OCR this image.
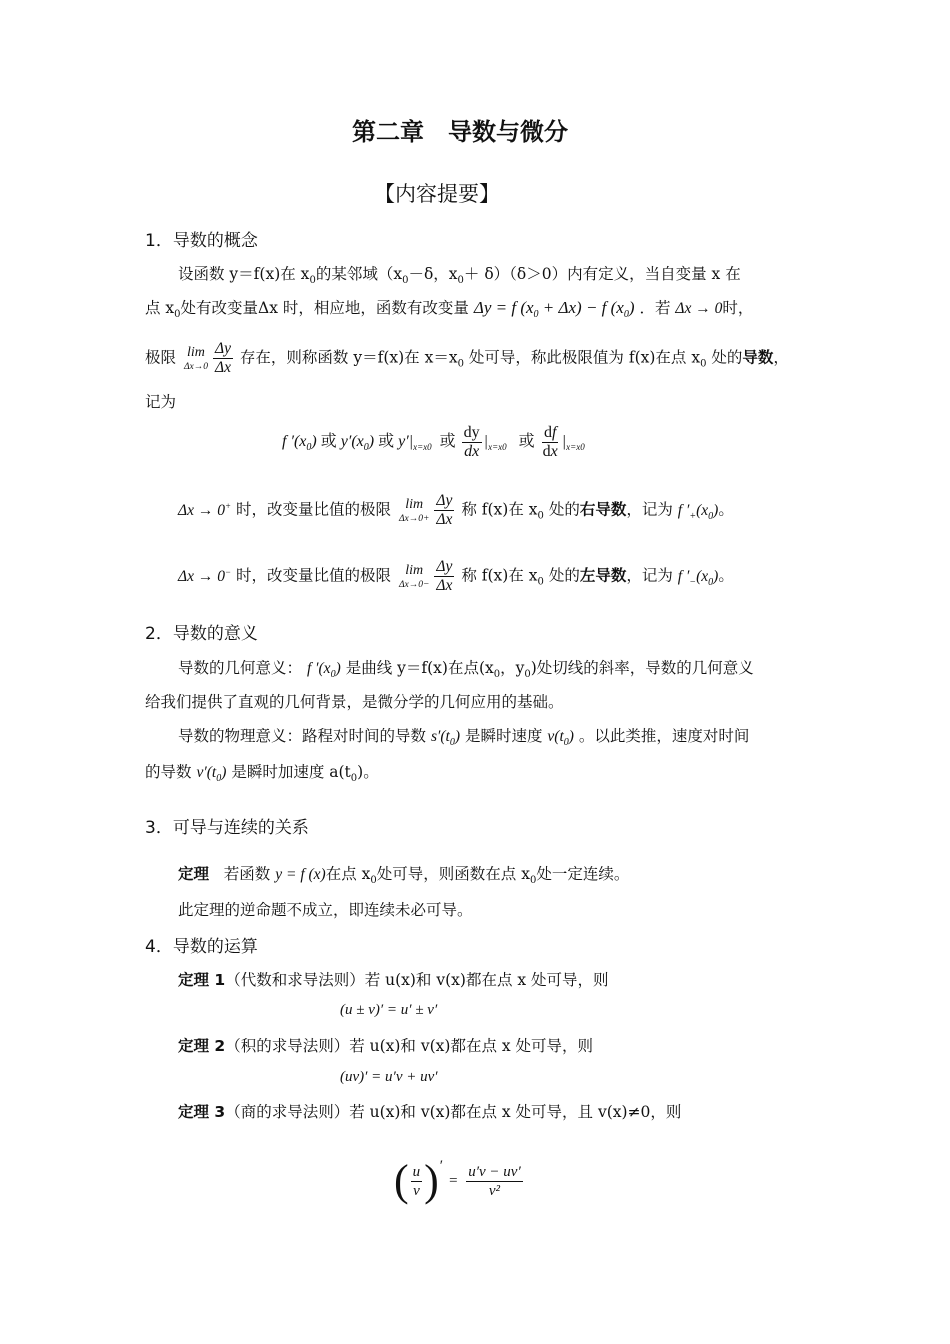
第二章　导数与微分
【内容提要】
1．导数的概念
设函数 y＝f(x)在 $x_0$的某邻域（$x_0-\delta$，$x_0+ \delta)(\delta>0)$内有定义，当自变量 x 在
点 $x_0$处有改变量Δx 时，相应地，函数有改变量 Δy = f $(x_0 + \Delta x) - f$ $(x_0)$ ．若 Δx → 0时，
极限 lim
$\Delta x\to 0 \frac{\Delta y}{\Delta x}$ 存在，则称函数 y＝f(x)在 $x=x_0$ 处可导，称此极限值为 f(x)在点 $x_0$ 处的导数，
记为
f $'(x_0)$ 或 $y'(x_0)$ 或 $y'|_{x=x0}$ 或 $\frac{dy}{dx} |_{x=x0}$ 或 $\frac{df}{dx} |_{x=x0}$
Δx → 0+ 时，改变量比值的极限 lim
$\Delta x\to 0+ \frac{\Delta y}{\Delta x}$ 称 f(x)在 $x_0$ 处的右导数，记为 f $'_+(x_0)$。
Δx → 0− 时，改变量比值的极限 lim
$\Delta x\to 0- \frac{\Delta y}{\Delta x}$ 称 f(x)在 $x_0$ 处的左导数，记为 f $'_-(x_0)$。
2．导数的意义
导数的几何意义： f $'(x_0)$ 是曲线 y＝f(x)在点($x_0$，$y_0$)处切线的斜率，导数的几何意义
给我们提供了直观的几何背景，是微分学的几何应用的基础。
导数的物理意义：路程对时间的导数 $s'(t_0)$ 是瞬时速度 $v(t_0)$ 。以此类推，速度对时间
的导数 $v'(t_0)$ 是瞬时加速度 $a(t_0)$。
3．可导与连续的关系
定理 若函数 y = f (x)在点 $x_0$处可导，则函数在点 $x_0$处一定连续。
此定理的逆命题不成立，即连续未必可导。
4．导数的运算
定理 1（代数和求导法则）若 u(x)和 v(x)都在点 x 处可导，则
(u ± v)′ = u′ ± v′
定理 2（积的求导法则）若 u(x)和 v(x)都在点 x 处可导，则
(uv)′ = u′v + uv′
定理 3（商的求导法则）若 u(x)和 v(x)都在点 x 处可导，且 v(x)≠0，则
( $\frac{u}{v}$ ) ′
= $\frac{u'v - uv'}{\text{v²}}$
